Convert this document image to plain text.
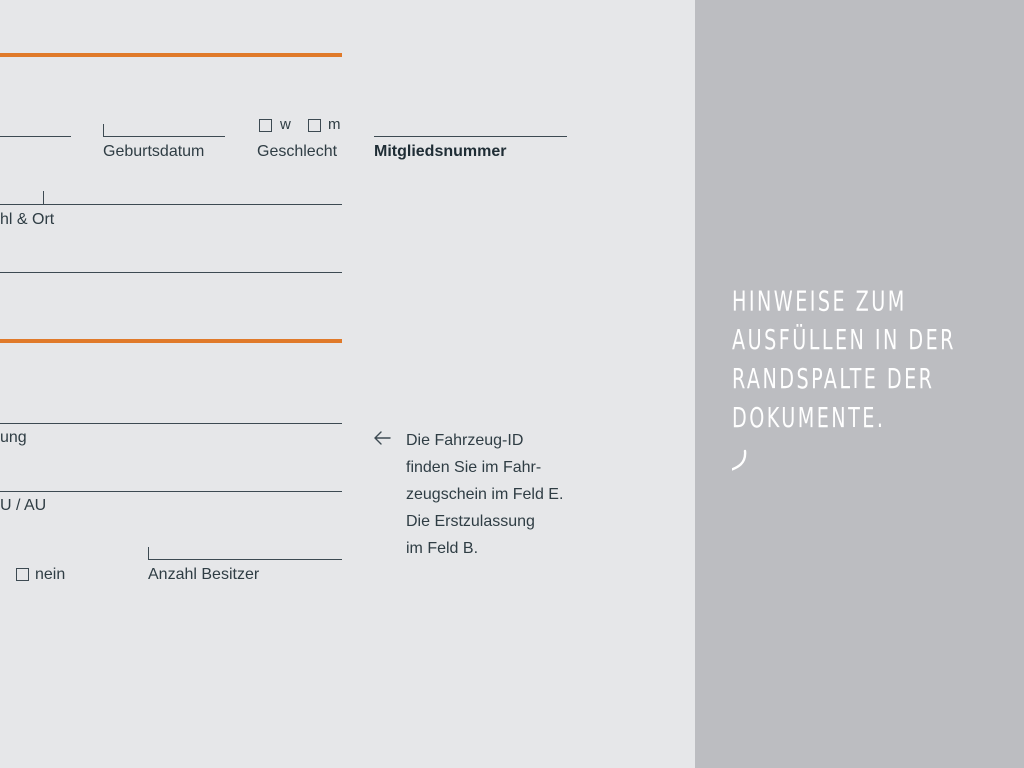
Geburtsdatum
w m
Geschlecht Mitgliedsnummer
hl & Ort
ung
U / AU
nein	Anzahl Besitzer
Die Fahrzeug-ID
finden Sie im Fahr-
zeugschein im Feld E.
Die Erstzulassung
im Feld B.
HINWEISE ZUM
AUSFÜLLEN IN DER
RANDSPALTE DER
DOKUMENTE.
